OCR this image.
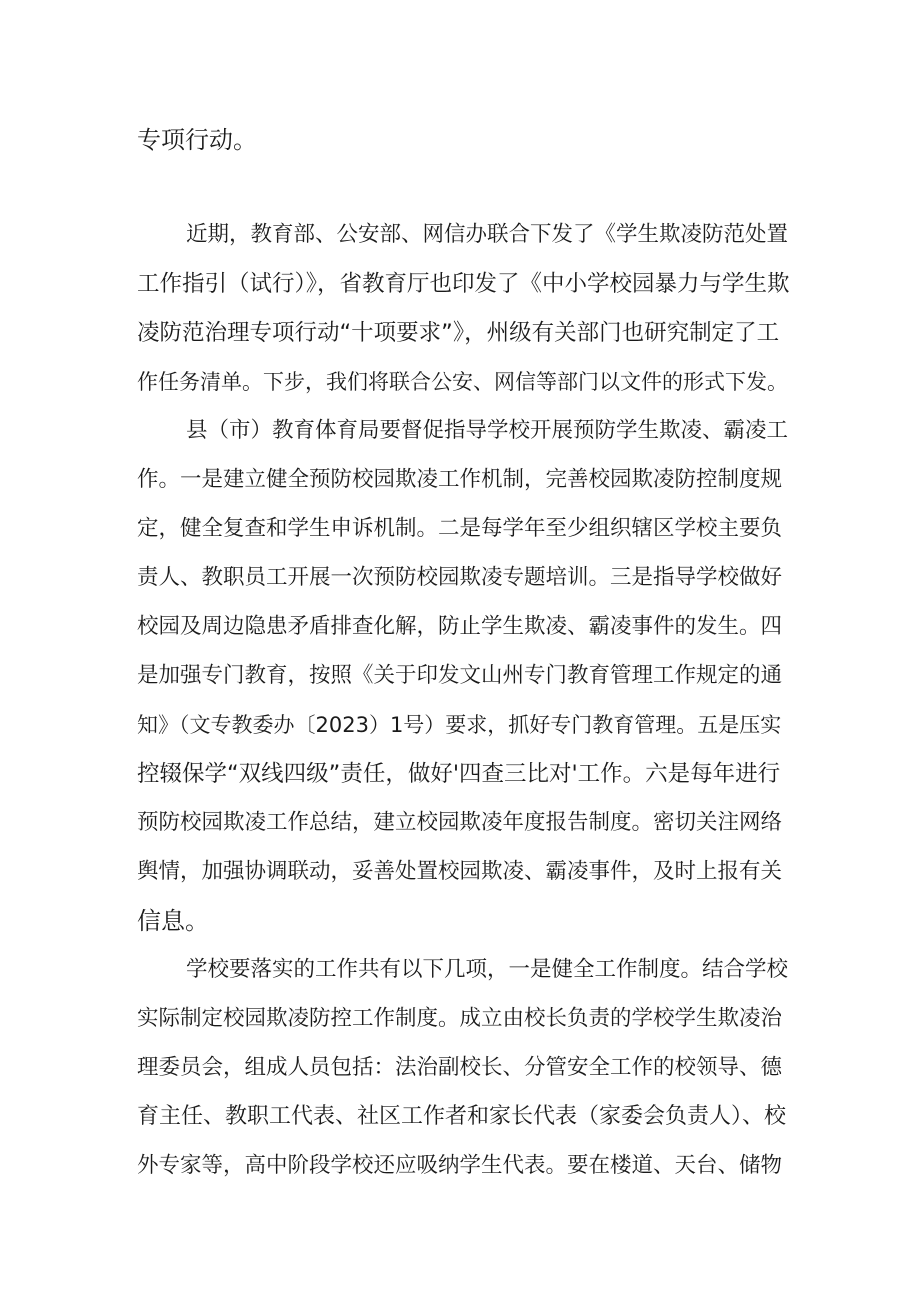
专项行动。

近期，教育部、公安部、网信办联合下发了《学生欺凌防范处置

工作指引（试行）》，省教育厅也印发了《中小学校园暴力与学生欺

凌防范治理专项行动“十项要求”》，州级有关部门也研究制定了工

作任务清单。下步，我们将联合公安、网信等部门以文件的形式下发。

县（市）教育体育局要督促指导学校开展预防学生欺凌、霸凌工

作。一是建立健全预防校园欺凌工作机制，完善校园欺凌防控制度规

定，健全复查和学生申诉机制。二是每学年至少组织辖区学校主要负

责人、教职员工开展一次预防校园欺凌专题培训。三是指导学校做好

校园及周边隐患矛盾排查化解，防止学生欺凌、霸凌事件的发生。四

是加强专门教育，按照《关于印发文山州专门教育管理工作规定的通

知》（文专教委办〔2023）1号）要求，抓好专门教育管理。五是压实

控辍保学“双线四级”责任，做好'四查三比对'工作。六是每年进行

预防校园欺凌工作总结，建立校园欺凌年度报告制度。密切关注网络

舆情，加强协调联动，妥善处置校园欺凌、霸凌事件，及时上报有关

信息。

学校要落实的工作共有以下几项，一是健全工作制度。结合学校

实际制定校园欺凌防控工作制度。成立由校长负责的学校学生欺凌治

理委员会，组成人员包括：法治副校长、分管安全工作的校领导、德

育主任、教职工代表、社区工作者和家长代表（家委会负责人）、校

外专家等，高中阶段学校还应吸纳学生代表。要在楼道、天台、储物
